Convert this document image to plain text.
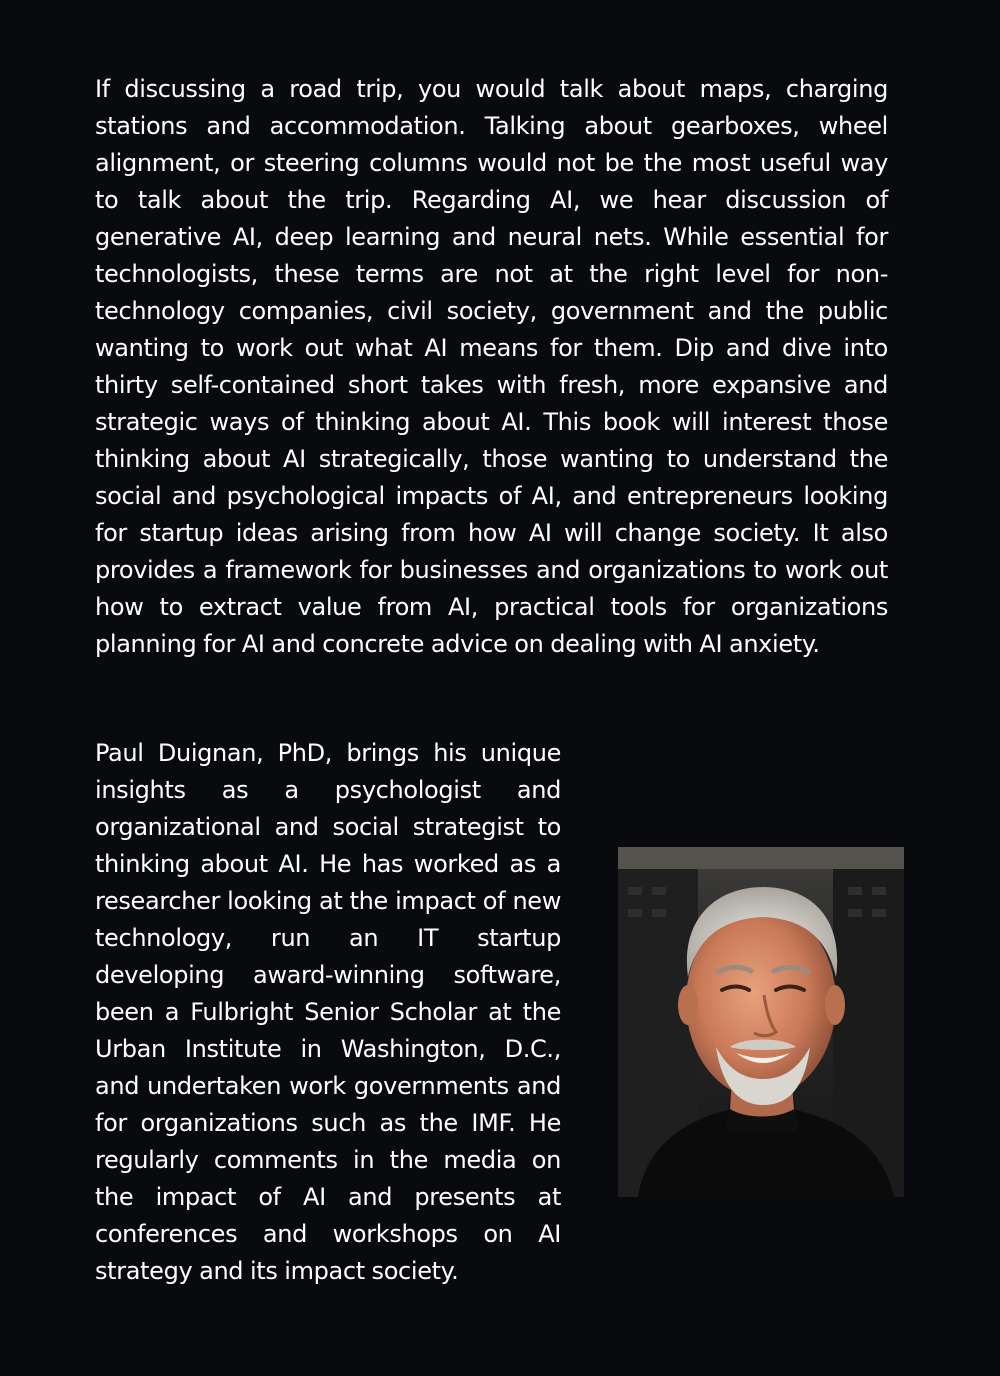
If discussing a road trip, you would talk about maps, charging stations and accommodation. Talking about gearboxes, wheel alignment, or steering columns would not be the most useful way to talk about the trip. Regarding AI, we hear discussion of generative AI, deep learning and neural nets. While essential for technologists, these terms are not at the right level for non-technology companies, civil society, government and the public wanting to work out what AI means for them. Dip and dive into thirty self-contained short takes with fresh, more expansive and strategic ways of thinking about AI. This book will interest those thinking about AI strategically, those wanting to understand the social and psychological impacts of AI, and entrepreneurs looking for startup ideas arising from how AI will change society. It also provides a framework for businesses and organizations to work out how to extract value from AI, practical tools for organizations planning for AI and concrete advice on dealing with AI anxiety.

Paul Duignan, PhD, brings his unique insights as a psychologist and organizational and social strategist to thinking about AI. He has worked as a researcher looking at the impact of new technology, run an IT startup developing award-winning software, been a Fulbright Senior Scholar at the Urban Institute in Washington, D.C., and undertaken work governments and for organizations such as the IMF. He regularly comments in the media on the impact of AI and presents at conferences and workshops on AI strategy and its impact society.
